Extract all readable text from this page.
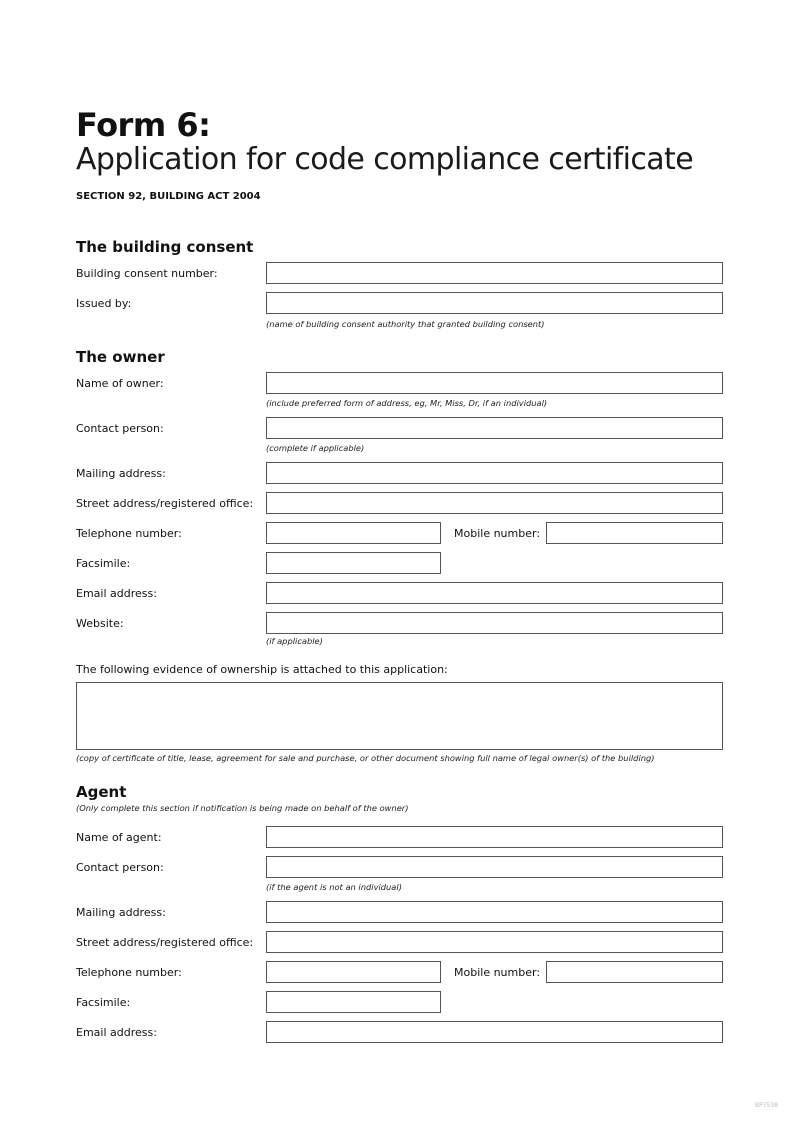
Form 6:
Application for code compliance certificate
SECTION 92, BUILDING ACT 2004
The building consent
Building consent number:
Issued by:
(name of building consent authority that granted building consent)
The owner
Name of owner:
(include preferred form of address, eg, Mr, Miss, Dr, if an individual)
Contact person:
(complete if applicable)
Mailing address:
Street address/registered office:
Telephone number:	Mobile number:
Facsimile:
Email address:
Website:
(if applicable)
The following evidence of ownership is attached to this application:
(copy of certificate of title, lease, agreement for sale and purchase, or other document showing full name of legal owner(s) of the building)
Agent
(Only complete this section if notification is being made on behalf of the owner)
Name of agent:
Contact person:
(if the agent is not an individual)
Mailing address:
Street address/registered office:
Telephone number:	Mobile number:
Facsimile:
Email address:
BP7538
